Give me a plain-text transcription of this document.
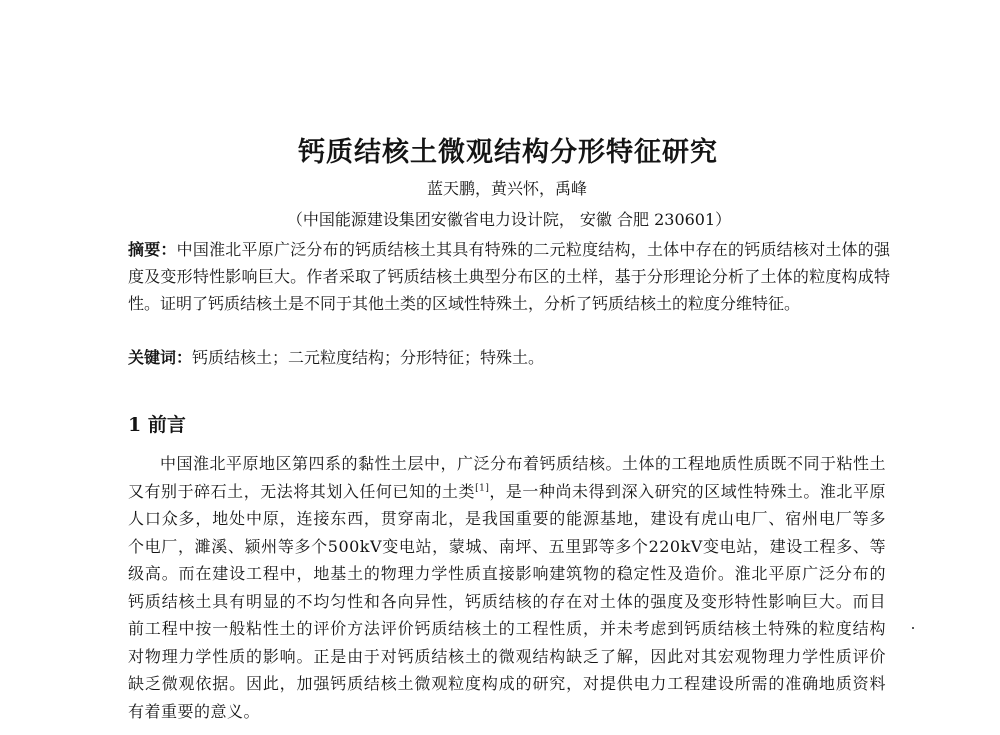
钙质结核土微观结构分形特征研究

蓝天鹏，黄兴怀，禹峰

（中国能源建设集团安徽省电力设计院， 安徽 合肥 230601）

摘要：中国淮北平原广泛分布的钙质结核土其具有特殊的二元粒度结构，土体中存在的钙质结核对土体的强度及变形特性影响巨大。作者采取了钙质结核土典型分布区的土样，基于分形理论分析了土体的粒度构成特性。证明了钙质结核土是不同于其他土类的区域性特殊土，分析了钙质结核土的粒度分维特征。

关键词：钙质结核土；二元粒度结构；分形特征；特殊土。

1 前言

中国淮北平原地区第四系的黏性土层中，广泛分布着钙质结核。土体的工程地质性质既不同于粘性土又有别于碎石土，无法将其划入任何已知的土类[1]，是一种尚未得到深入研究的区域性特殊土。淮北平原人口众多，地处中原，连接东西，贯穿南北，是我国重要的能源基地，建设有虎山电厂、宿州电厂等多个电厂，濉溪、颍州等多个500kV变电站，蒙城、南坪、五里郢等多个220kV变电站，建设工程多、等级高。而在建设工程中，地基土的物理力学性质直接影响建筑物的稳定性及造价。淮北平原广泛分布的钙质结核土具有明显的不均匀性和各向异性，钙质结核的存在对土体的强度及变形特性影响巨大。而目前工程中按一般粘性土的评价方法评价钙质结核土的工程性质，并未考虑到钙质结核土特殊的粒度结构对物理力学性质的影响。正是由于对钙质结核土的微观结构缺乏了解，因此对其宏观物理力学性质评价缺乏微观依据。因此，加强钙质结核土微观粒度构成的研究，对提供电力工程建设所需的准确地质资料有着重要的意义。
